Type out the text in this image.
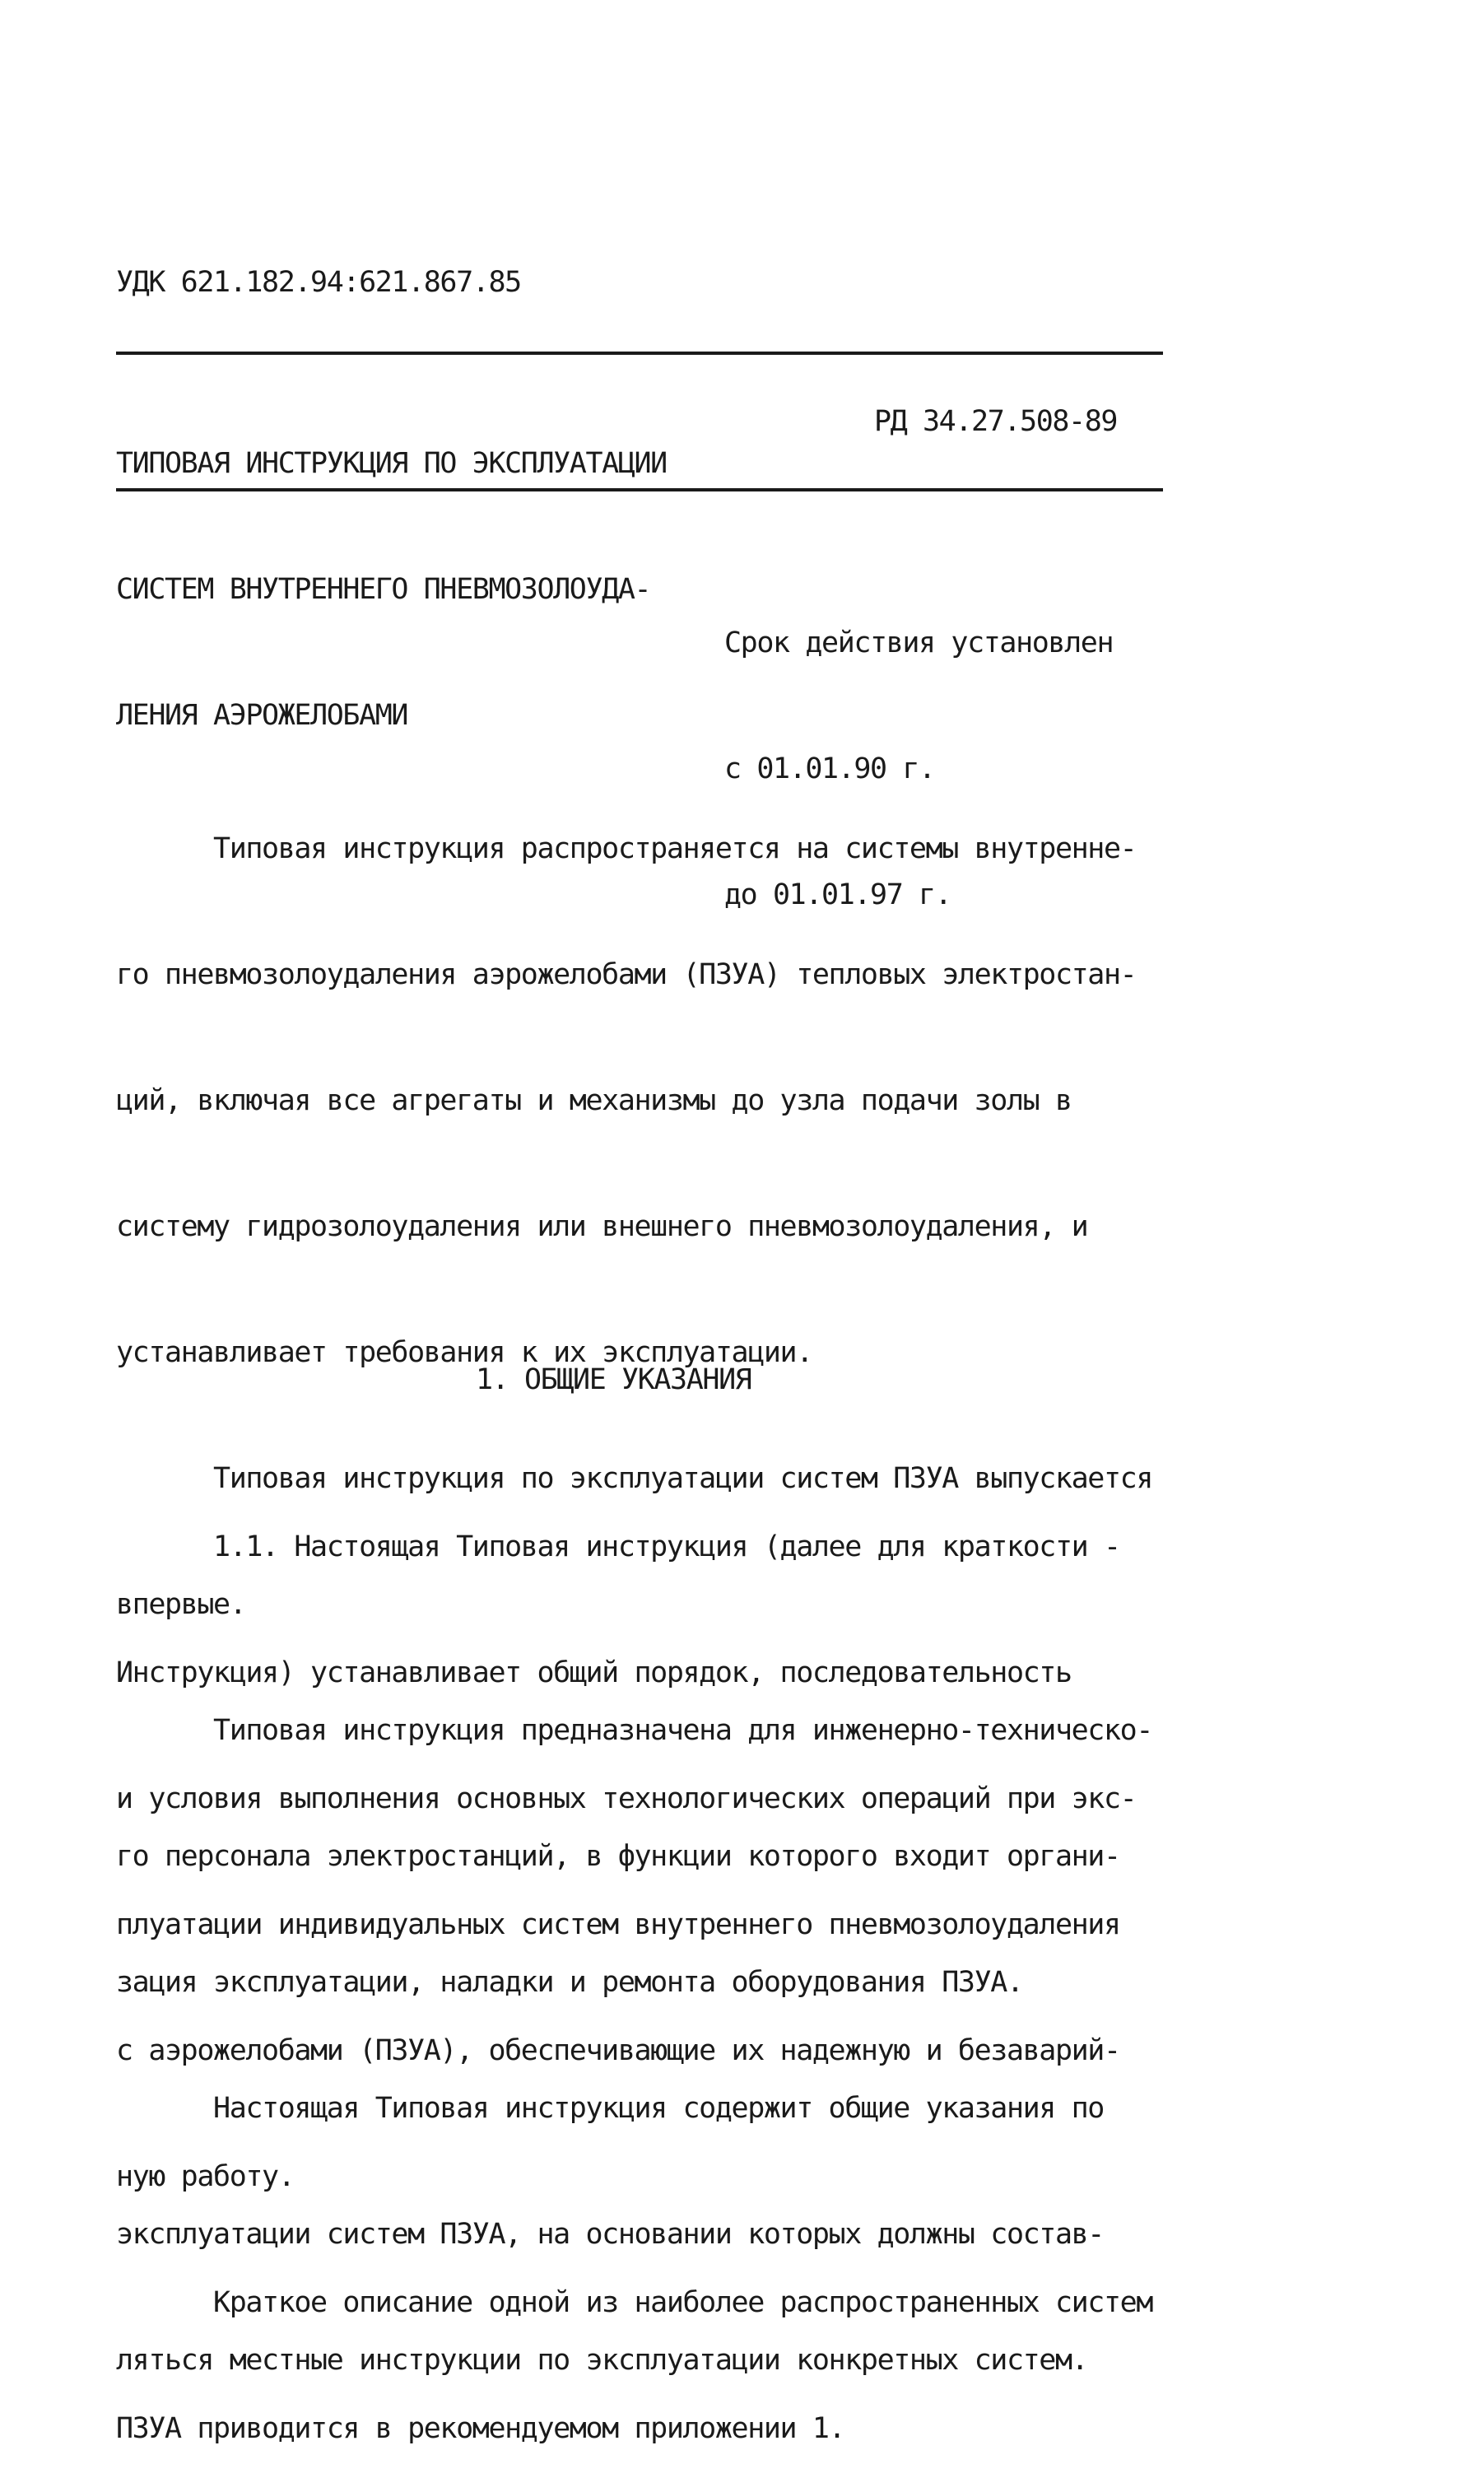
УДК 621.182.94:621.867.85

ТИПОВАЯ ИНСТРУКЦИЯ ПО ЭКСПЛУАТАЦИИ

СИСТЕМ ВНУТРЕННЕГО ПНЕВМОЗОЛОУДА-

ЛЕНИЯ АЭРОЖЕЛОБАМИ

РД 34.27.508-89

Срок действия установлен

с 01.01.90 г.

до 01.01.97 г.

Типовая инструкция распространяется на системы внутренне-

го пневмозолоудаления аэрожелобами (ПЗУА) тепловых электростан-

ций, включая все агрегаты и механизмы до узла подачи золы в

систему гидрозолоудаления или внешнего пневмозолоудаления, и

устанавливает требования к их эксплуатации.

Типовая инструкция по эксплуатации систем ПЗУА выпускается

впервые.

Типовая инструкция предназначена для инженерно-техническо-

го персонала электростанций, в функции которого входит органи-

зация эксплуатации, наладки и ремонта оборудования ПЗУА.

Настоящая Типовая инструкция содержит общие указания по

эксплуатации систем ПЗУА, на основании которых должны состав-

ляться местные инструкции по эксплуатации конкретных систем.

1. ОБЩИЕ УКАЗАНИЯ

1.1. Настоящая Типовая инструкция (далее для краткости -

Инструкция) устанавливает общий порядок, последовательность

и условия выполнения основных технологических операций при экс-

плуатации индивидуальных систем внутреннего пневмозолоудаления

с аэрожелобами (ПЗУА), обеспечивающие их надежную и безаварий-

ную работу.

Краткое описание одной из наиболее распространенных систем

ПЗУА приводится в рекомендуемом приложении 1.
